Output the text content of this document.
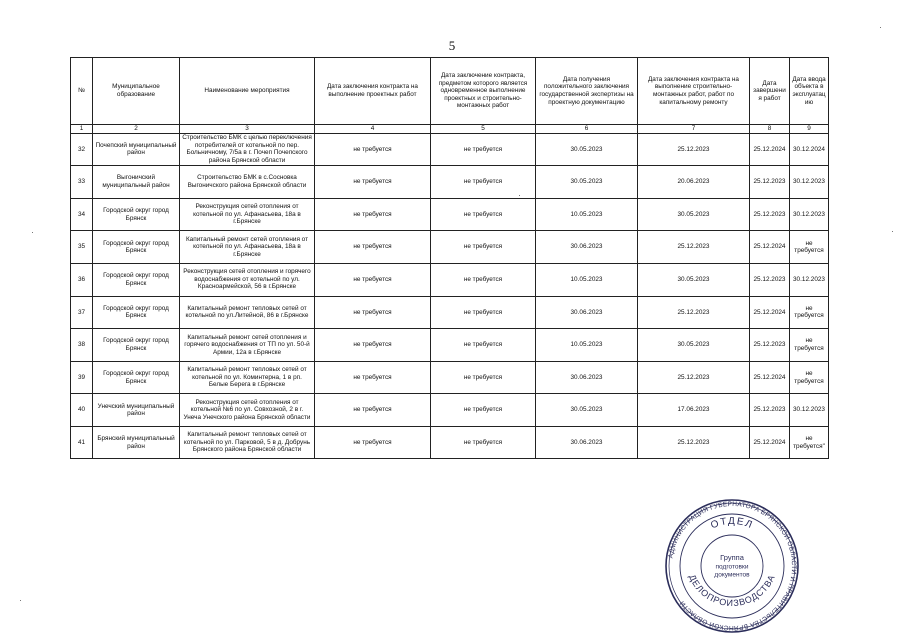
5
№	Муниципальное образование	Наименование мероприятия	Дата заключения контракта на выполнение проектных работ	Дата заключение контракта, предметом которого является одновременное выполнение проектных и строительно-монтажных работ	Дата получения положительного заключения государственной экспертизы на проектную документацию	Дата заключения контракта на выполнение строительно-монтажных работ, работ по капитальному ремонту	Дата завершения работ	Дата ввода объекта в эксплуатацию
1	2	3	4	5	6	7	8	9
32	Почепский муниципальный район	Строительство БМК с целью переключения потребителей от котельной по пер. Больничному, 7/5а в г. Почеп Почепского района Брянской области	не требуется	не требуется	30.05.2023	25.12.2023	25.12.2024	30.12.2024
33	Выгоничский муниципальный район	Строительство БМК в с.Сосновка Выгоничского района Брянской области	не требуется	не требуется	30.05.2023	20.06.2023	25.12.2023	30.12.2023
34	Городской округ город Брянск	Реконструкция сетей отопления от котельной по ул. Афанасьева, 18а в г.Брянске	не требуется	не требуется	10.05.2023	30.05.2023	25.12.2023	30.12.2023
35	Городской округ город Брянск	Капитальный ремонт сетей отопления от котельной по ул. Афанасьева, 18а в г.Брянске	не требуется	не требуется	30.06.2023	25.12.2023	25.12.2024	не требуется
36	Городской округ город Брянск	Реконструкция сетей отопления и горячего водоснабжения от котельной по ул. Красноармейской, 56 в г.Брянске	не требуется	не требуется	10.05.2023	30.05.2023	25.12.2023	30.12.2023
37	Городской округ город Брянск	Капитальный ремонт тепловых сетей от котельной по ул.Литейной, 86 в г.Брянске	не требуется	не требуется	30.06.2023	25.12.2023	25.12.2024	не требуется
38	Городской округ город Брянск	Капитальный ремонт сетей отопления и горячего водоснабжения от ТП по ул. 50-й Армии, 12а в г.Брянске	не требуется	не требуется	10.05.2023	30.05.2023	25.12.2023	не требуется
39	Городской округ город Брянск	Капитальный ремонт тепловых сетей от котельной по ул. Коминтерна, 1 в рп. Белые Берега в г.Брянске	не требуется	не требуется	30.06.2023	25.12.2023	25.12.2024	не требуется
40	Унечский муниципальный район	Реконструкция сетей отопления от котельной №6 по ул. Совхозной, 2 в г. Унеча Унечского района Брянской области	не требуется	не требуется	30.05.2023	17.06.2023	25.12.2023	30.12.2023
41	Брянский муниципальный район	Капитальный ремонт тепловых сетей от котельной по ул. Парковой, 5 в д. Добрунь Брянского района Брянской области	не требуется	не требуется	30.06.2023	25.12.2023	25.12.2024	не требуется"
АДМИНИСТРАЦИЯ ГУБЕРНАТОРА БРЯНСКОЙ ОБЛАСТИ И ПРАВИТЕЛЬСТВА БРЯНСКОЙ ОБЛАСТИ
ОТДЕЛ
ДЕЛОПРОИЗВОДСТВА
Группа
подготовки
документов
